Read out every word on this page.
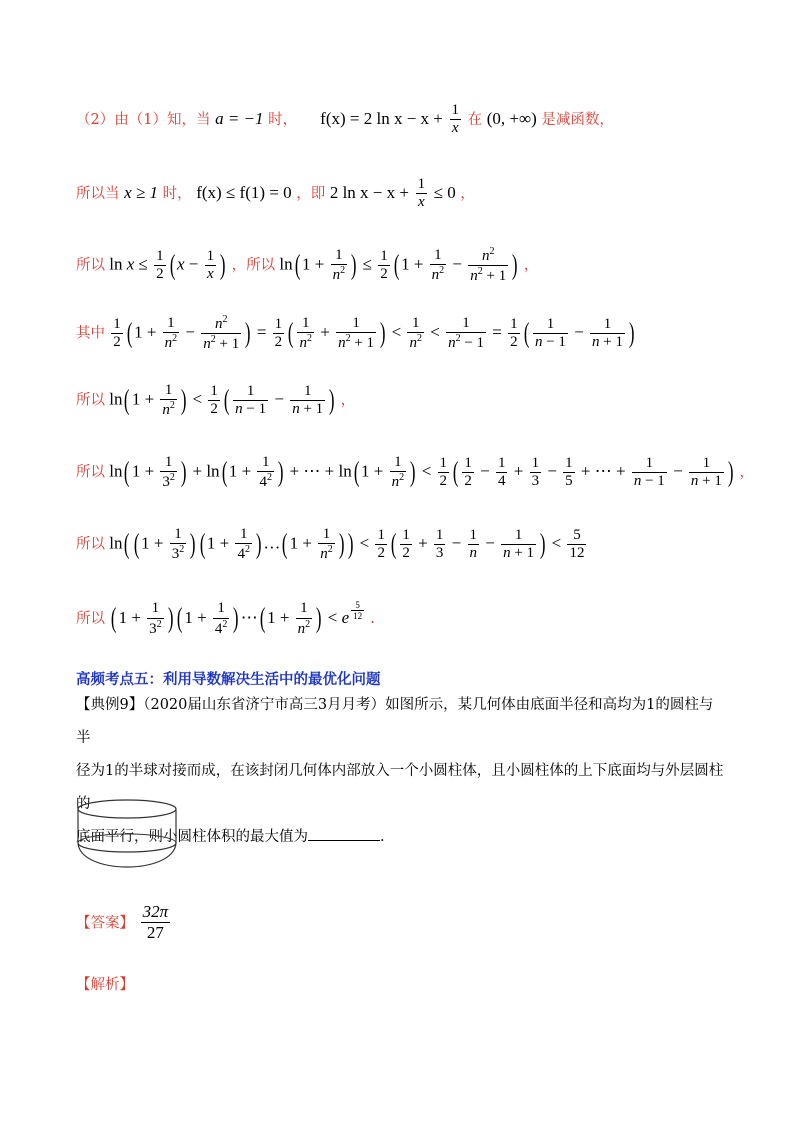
（2）由（1）知，当 a = −1 时， f(x) = 2 $\ln x - x + \frac{1}{x}$ 在 (0, +∞) 是减函数，
所以当 x ≥ 1 时， f(x) ≤ f(1) = 0 ，即 2 $\ln x - x + \frac{1}{x} \le 0$ ，
所以 $\ln x \le \frac{1}{2}$ ( $x - \frac{1}{x}$ ) ，所以 ln( $1 + \frac{1}{n^2}$ ) ≤ $\frac{1}{2}$ ( $1 + \frac{1}{n^2} - \frac{n^2}{n^2 + 1}$ ) ，
其中 $\frac{1}{2}$ ( $1 + \frac{1}{n^2} - \frac{n^2}{n^2 + 1}$ ) = $\frac{1}{2}$ ( $\frac{1}{n^2} + \frac{1}{n^2 + 1}$ ) < $\frac{1}{n^2} < \frac{1}{n^2 - 1} = \frac{1}{2}$ ( $\frac{1}{n - 1} - \frac{1}{n + 1}$ )
所以 ln( $1 + \frac{1}{n^2}$ ) < $\frac{1}{2}$ ( $\frac{1}{n - 1} - \frac{1}{n + 1}$ ) ，
所以 ln( $1 + \frac{1}{3^2}$ ) + ln( $1 + \frac{1}{4^2}$ ) + ⋯ + ln( $1 + \frac{1}{n^2}$ ) < $\frac{1}{2}$ ( $\frac{1}{2} - \frac{1}{4} + \frac{1}{3} - \frac{1}{5}$ + ⋯ + $\frac{1}{n - 1} - \frac{1}{n + 1}$ ) ，
所以 ln( ( $1 + \frac{1}{3^2}$ ) ( $1 + \frac{1}{4^2}$ ) …( $1 + \frac{1}{n^2}$ ) ) < $\frac{1}{2}$ ( $\frac{1}{2} + \frac{1}{3} - \frac{1}{n} - \frac{1}{n + 1}$ ) < $\frac{5}{12}$
所以 ( $1 + \frac{1}{3^2}$ ) ( $1 + \frac{1}{4^2}$ ) ⋯( $1 + \frac{1}{n^2}$ ) < e $^{\frac{5}{12}}$ .
高频考点五：利用导数解决生活中的最优化问题
【典例9】（2020届山东省济宁市高三3月月考）如图所示，某几何体由底面半径和高均为1的圆柱与半
径为1的半球对接而成，在该封闭几何体内部放入一个小圆柱体，且小圆柱体的上下底面均与外层圆柱的
底面平行，则小圆柱体积的最大值为	.
【答案】 $\frac{32\pi}{27}$
【解析】
